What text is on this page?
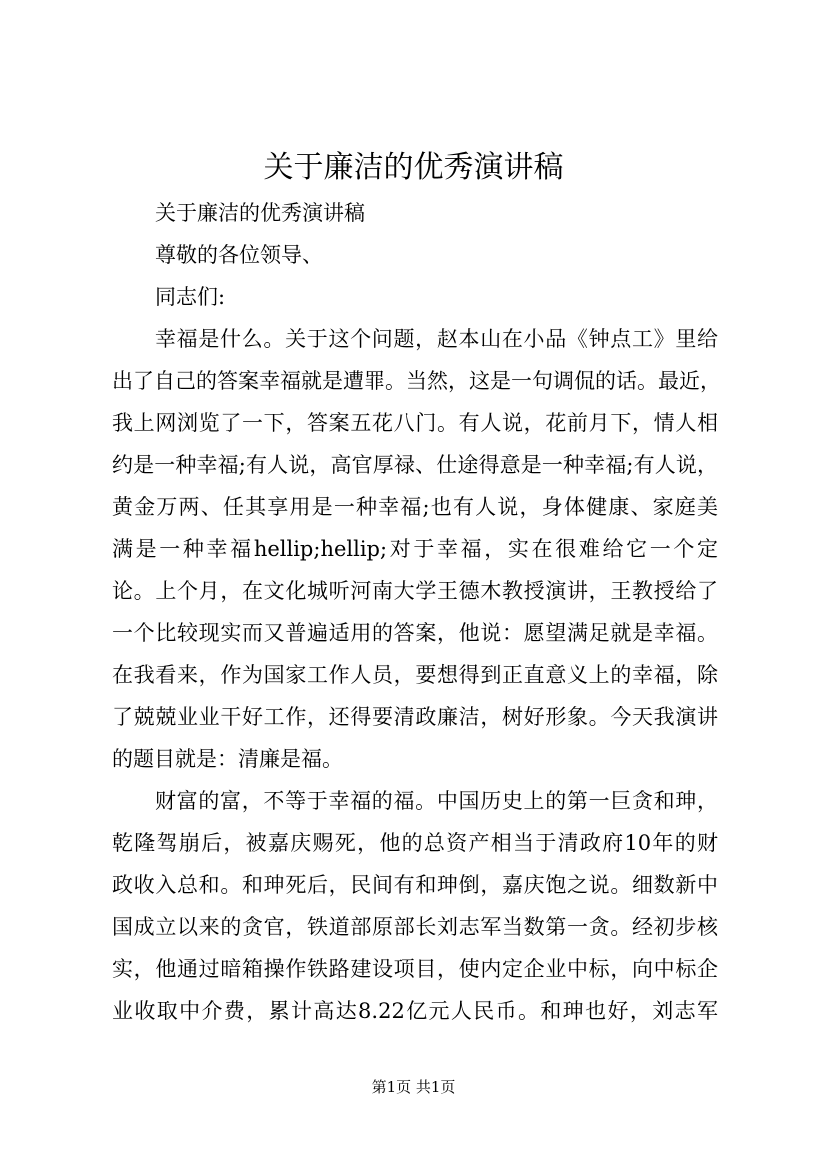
关于廉洁的优秀演讲稿

关于廉洁的优秀演讲稿

尊敬的各位领导、

同志们:

幸福是什么。关于这个问题，赵本山在小品《钟点工》里给

出了自己的答案幸福就是遭罪。当然，这是一句调侃的话。最近，

我上网浏览了一下，答案五花八门。有人说，花前月下，情人相

约是一种幸福;有人说，高官厚禄、仕途得意是一种幸福;有人说，

黄金万两、任其享用是一种幸福;也有人说，身体健康、家庭美

满是一种幸福hellip;hellip;对于幸福，实在很难给它一个定

论。上个月，在文化城听河南大学王德木教授演讲，王教授给了

一个比较现实而又普遍适用的答案，他说：愿望满足就是幸福。

在我看来，作为国家工作人员，要想得到正直意义上的幸福，除

了兢兢业业干好工作，还得要清政廉洁，树好形象。今天我演讲

的题目就是：清廉是福。

财富的富，不等于幸福的福。中国历史上的第一巨贪和珅，

乾隆驾崩后，被嘉庆赐死，他的总资产相当于清政府10年的财

政收入总和。和珅死后，民间有和珅倒，嘉庆饱之说。细数新中

国成立以来的贪官，铁道部原部长刘志军当数第一贪。经初步核

实，他通过暗箱操作铁路建设项目，使内定企业中标，向中标企

业收取中介费，累计高达8.22亿元人民币。和珅也好，刘志军

第1页 共1页
